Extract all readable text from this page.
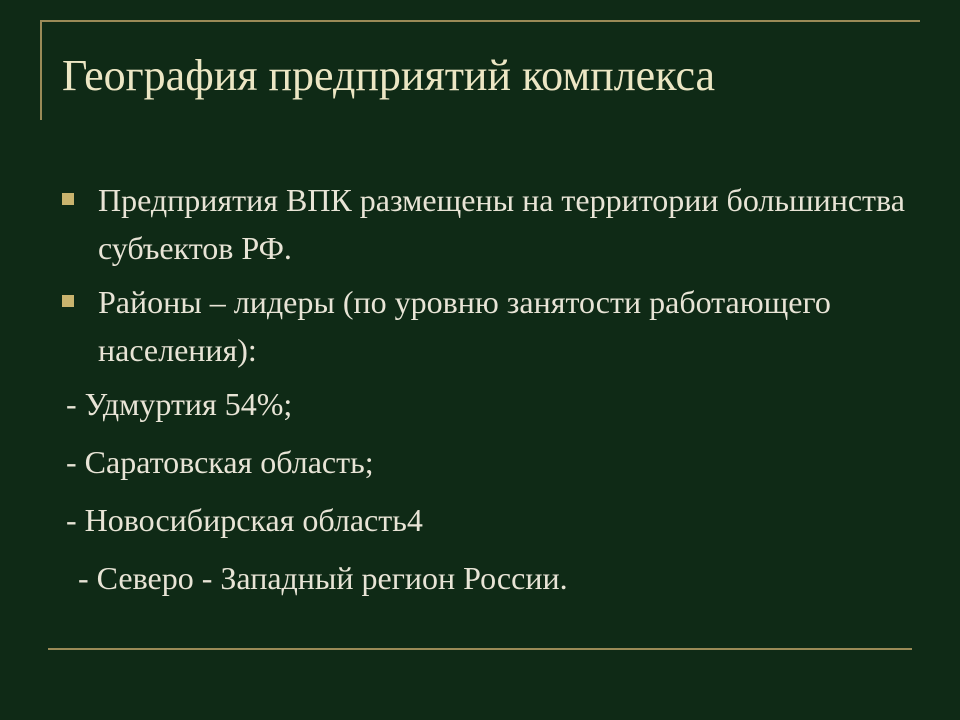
География предприятий комплекса
Предприятия ВПК размещены на территории большинства субъектов РФ.
Районы – лидеры (по уровню занятости работающего населения):
- Удмуртия 54%;
- Саратовская область;
- Новосибирская область4
- Северо - Западный регион России.
